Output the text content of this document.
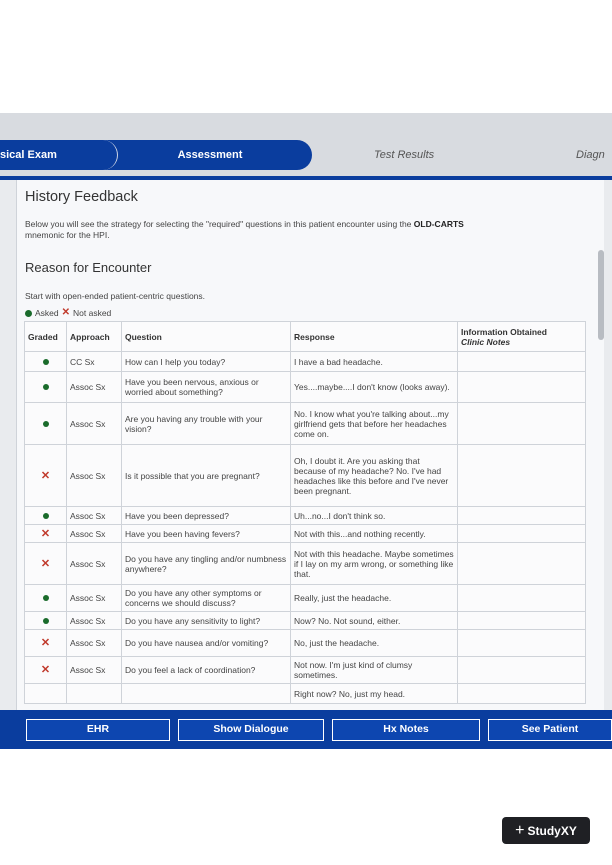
sical Exam	Assessment	Test Results	Diagn
History Feedback
Below you will see the strategy for selecting the "required" questions in this patient encounter using the OLD-CARTS
mnemonic for the HPI.
Reason for Encounter
Start with open-ended patient-centric questions.
Asked ✕ Not asked
Graded	Approach	Question	Response	Information Obtained
Clinic Notes

	CC Sx	How can I help you today?	I have a bad headache.	
	Assoc Sx	Have you been nervous, anxious or worried about something?	Yes....maybe....I don't know (looks away).	
	Assoc Sx	Are you having any trouble with your vision?	No. I know what you're talking about...my girlfriend gets that before her headaches come on.	
✕	Assoc Sx	Is it possible that you are pregnant?	Oh, I doubt it. Are you asking that because of my headache? No. I've had headaches like this before and I've never been pregnant.	
	Assoc Sx	Have you been depressed?	Uh...no...I don't think so.	
✕	Assoc Sx	Have you been having fevers?	Not with this...and nothing recently.	
✕	Assoc Sx	Do you have any tingling and/or numbness anywhere?	Not with this headache. Maybe sometimes if I lay on my arm wrong, or something like that.	
	Assoc Sx	Do you have any other symptoms or concerns we should discuss?	Really, just the headache.	
	Assoc Sx	Do you have any sensitivity to light?	Now? No. Not sound, either.	
✕	Assoc Sx	Do you have nausea and/or vomiting?	No, just the headache.	
✕	Assoc Sx	Do you feel a lack of coordination?	Not now. I'm just kind of clumsy sometimes.	
			Right now? No, just my head.	
EHR	Show Dialogue	Hx Notes	See Patient
+ StudyXY
